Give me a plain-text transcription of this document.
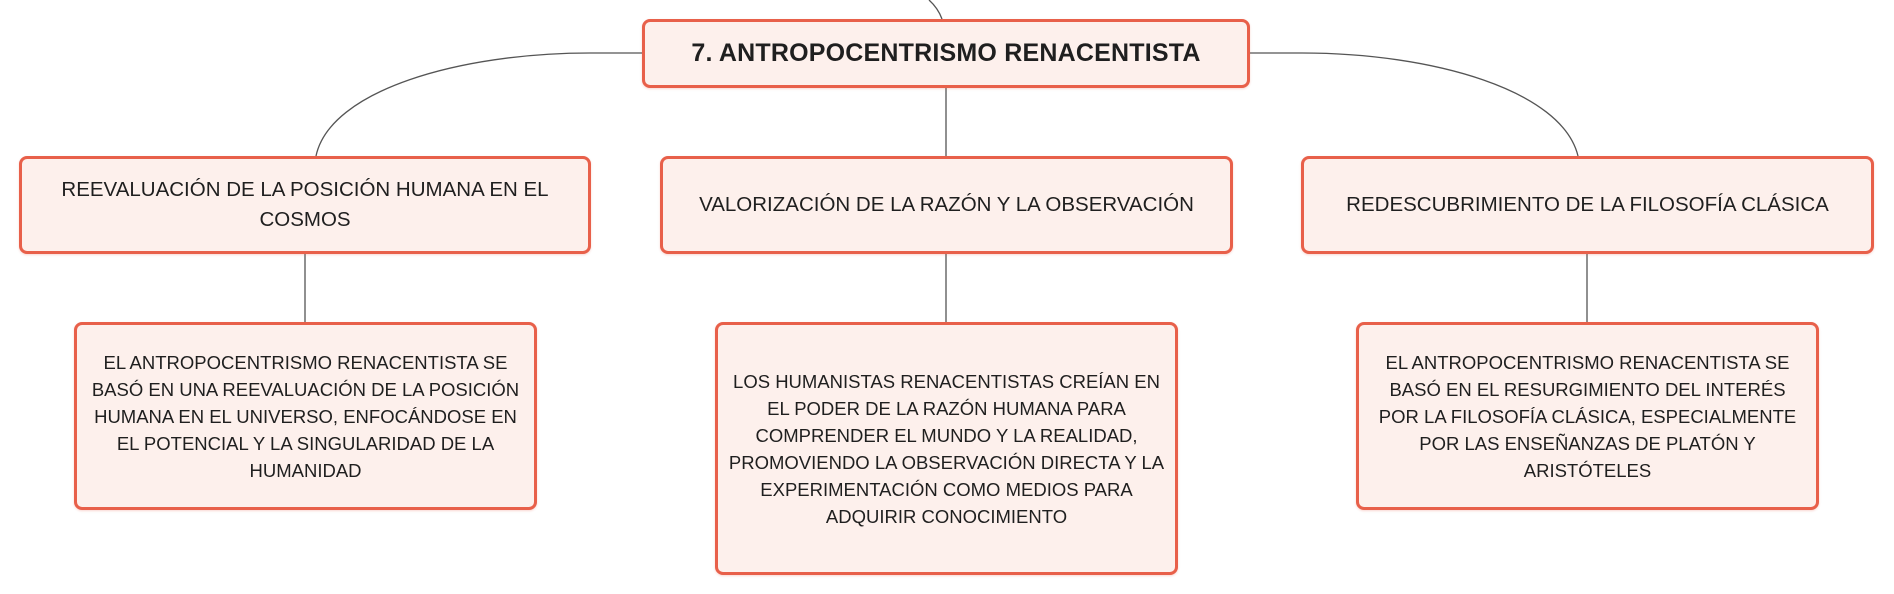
7. ANTROPOCENTRISMO RENACENTISTA
REEVALUACIÓN DE LA POSICIÓN HUMANA EN EL COSMOS
VALORIZACIÓN DE LA RAZÓN Y LA OBSERVACIÓN	REDESCUBRIMIENTO DE LA FILOSOFÍA CLÁSICA
EL ANTROPOCENTRISMO RENACENTISTA SE BASÓ EN UNA REEVALUACIÓN DE LA POSICIÓN HUMANA EN EL UNIVERSO, ENFOCÁNDOSE EN EL POTENCIAL Y LA SINGULARIDAD DE LA HUMANIDAD
LOS HUMANISTAS RENACENTISTAS CREÍAN EN EL PODER DE LA RAZÓN HUMANA PARA COMPRENDER EL MUNDO Y LA REALIDAD, PROMOVIENDO LA OBSERVACIÓN DIRECTA Y LA EXPERIMENTACIÓN COMO MEDIOS PARA ADQUIRIR CONOCIMIENTO
EL ANTROPOCENTRISMO RENACENTISTA SE BASÓ EN EL RESURGIMIENTO DEL INTERÉS POR LA FILOSOFÍA CLÁSICA, ESPECIALMENTE POR LAS ENSEÑANZAS DE PLATÓN Y ARISTÓTELES
